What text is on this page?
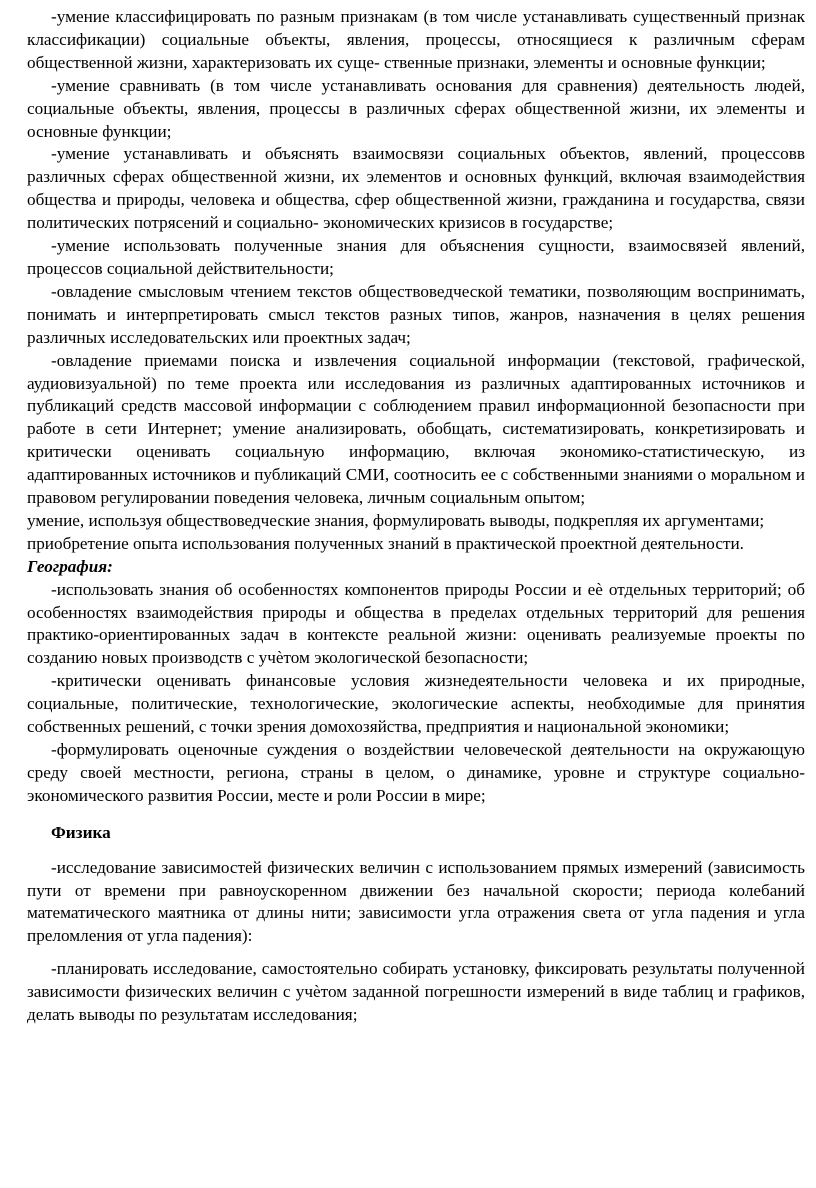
-умение классифицировать по разным признакам (в том числе устанавливать существенный признак классификации) социальные объекты, явления, процессы, относящиеся к различным сферам общественной жизни, характеризовать их суще- ственные признаки, элементы и основные функции;

-умение сравнивать (в том числе устанавливать основания для сравнения) деятельность людей, социальные объекты, явления, процессы в различных сферах общественной жизни, их элементы и основные функции;

-умение устанавливать и объяснять взаимосвязи социальных объектов, явлений, процессовв различных сферах общественной жизни, их элементов и основных функций, включая взаимодействия общества и природы, человека и общества, сфер общественной жизни, гражданина и государства, связи политических потрясений и социально- экономических кризисов в государстве;

-умение использовать полученные знания для объяснения сущности, взаимосвязей явлений, процессов социальной действительности;

-овладение смысловым чтением текстов обществоведческой тематики, позволяющим воспринимать, понимать и интерпретировать смысл текстов разных типов, жанров, назначения в целях решения различных исследовательских или проектных задач;

-овладение приемами поиска и извлечения социальной информации (текстовой, графической, аудиовизуальной) по теме проекта или исследования из различных адаптированных источников и публикаций средств массовой информации с соблюдением правил информационной безопасности при работе в сети Интернет; умение анализировать, обобщать, систематизировать, конкретизировать и критически оценивать социальную информацию, включая экономико-статистическую, из адаптированных источников и публикаций СМИ, соотносить ее с собственными знаниями о моральном и правовом регулировании поведения человека, личным социальным опытом;

умение, используя обществоведческие знания, формулировать выводы, подкрепляя их аргументами;

приобретение опыта использования полученных знаний в практической проектной деятельности.

География:

-использовать знания об особенностях компонентов природы России и еѐ отдельных территорий; об особенностях взаимодействия природы и общества в пределах отдельных территорий для решения практико-ориентированных задач в контексте реальной жизни: оценивать реализуемые проекты по созданию новых производств с учѐтом экологической безопасности;

-критически оценивать финансовые условия жизнедеятельности человека и их природные, социальные, политические, технологические, экологические аспекты, необходимые для принятия собственных решений, с точки зрения домохозяйства, предприятия и национальной экономики;

-формулировать оценочные суждения о воздействии человеческой деятельности на окружающую среду своей местности, региона, страны в целом, о динамике, уровне и структуре социально-экономического развития России, месте и роли России в мире;

Физика

-исследование зависимостей физических величин с использованием прямых измерений (зависимость пути от времени при равноускоренном движении без начальной скорости; периода колебаний математического маятника от длины нити; зависимости угла отражения света от угла падения и угла преломления от угла падения):

-планировать исследование, самостоятельно собирать установку, фиксировать результаты полученной зависимости физических величин с учѐтом заданной погрешности измерений в виде таблиц и графиков, делать выводы по результатам исследования;
